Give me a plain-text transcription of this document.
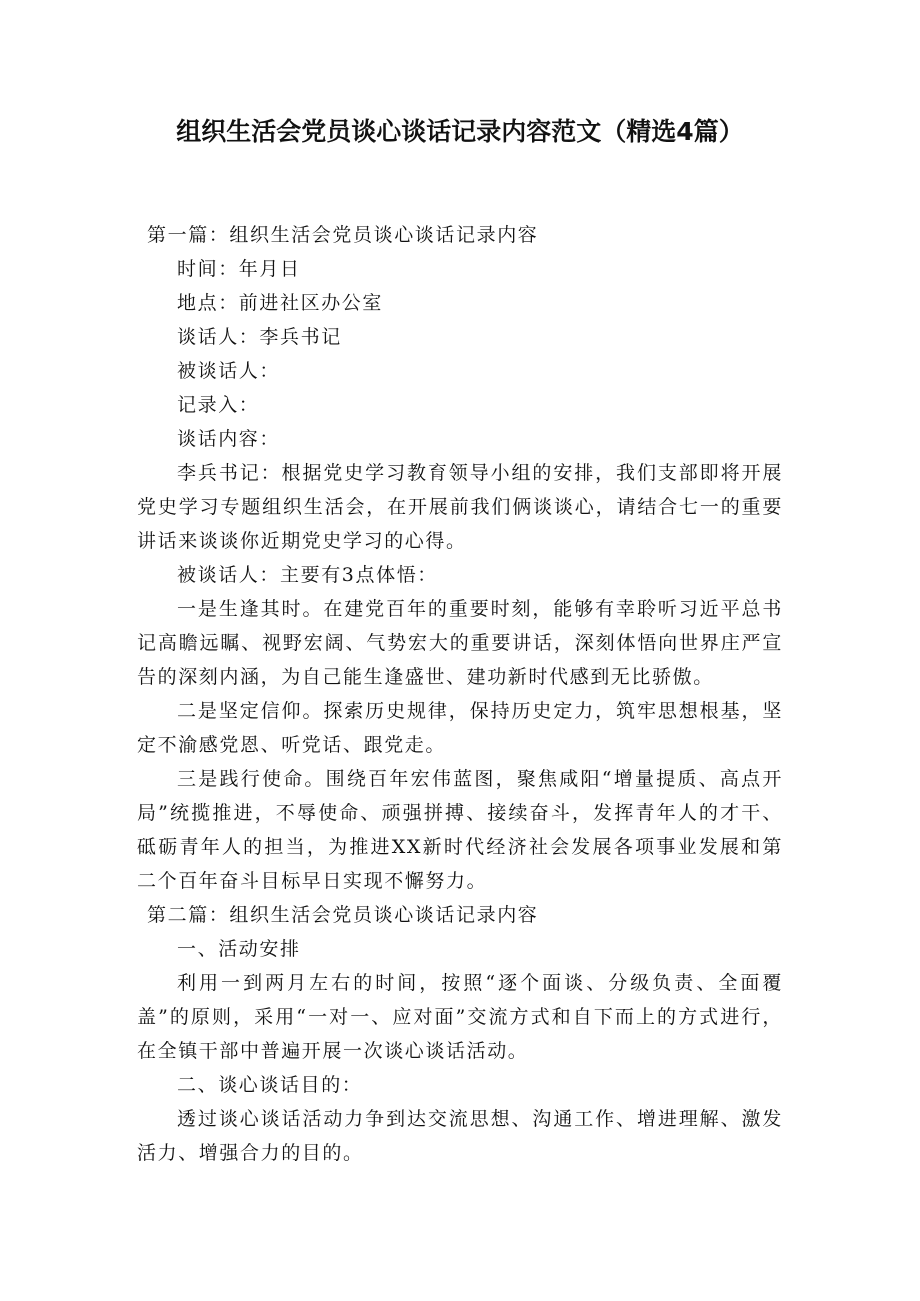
组织生活会党员谈心谈话记录内容范文（精选4篇）

第一篇：组织生活会党员谈心谈话记录内容

时间：年月日

地点：前进社区办公室

谈话人：李兵书记

被谈话人：

记录入：

谈话内容：

李兵书记：根据党史学习教育领导小组的安排，我们支部即将开展党史学习专题组织生活会，在开展前我们俩谈谈心，请结合七一的重要讲话来谈谈你近期党史学习的心得。

被谈话人：主要有3点体悟：

一是生逢其时。在建党百年的重要时刻，能够有幸聆听习近平总书记高瞻远瞩、视野宏阔、气势宏大的重要讲话，深刻体悟向世界庄严宣告的深刻内涵，为自己能生逢盛世、建功新时代感到无比骄傲。

二是坚定信仰。探索历史规律，保持历史定力，筑牢思想根基，坚定不渝感党恩、听党话、跟党走。

三是践行使命。围绕百年宏伟蓝图，聚焦咸阳“增量提质、高点开局”统揽推进，不辱使命、顽强拼搏、接续奋斗，发挥青年人的才干、砥砺青年人的担当，为推进XX新时代经济社会发展各项事业发展和第二个百年奋斗目标早日实现不懈努力。

第二篇：组织生活会党员谈心谈话记录内容

一、活动安排

利用一到两月左右的时间，按照“逐个面谈、分级负责、全面覆盖”的原则，采用“一对一、应对面”交流方式和自下而上的方式进行，在全镇干部中普遍开展一次谈心谈话活动。

二、谈心谈话目的：

透过谈心谈话活动力争到达交流思想、沟通工作、增进理解、激发活力、增强合力的目的。
